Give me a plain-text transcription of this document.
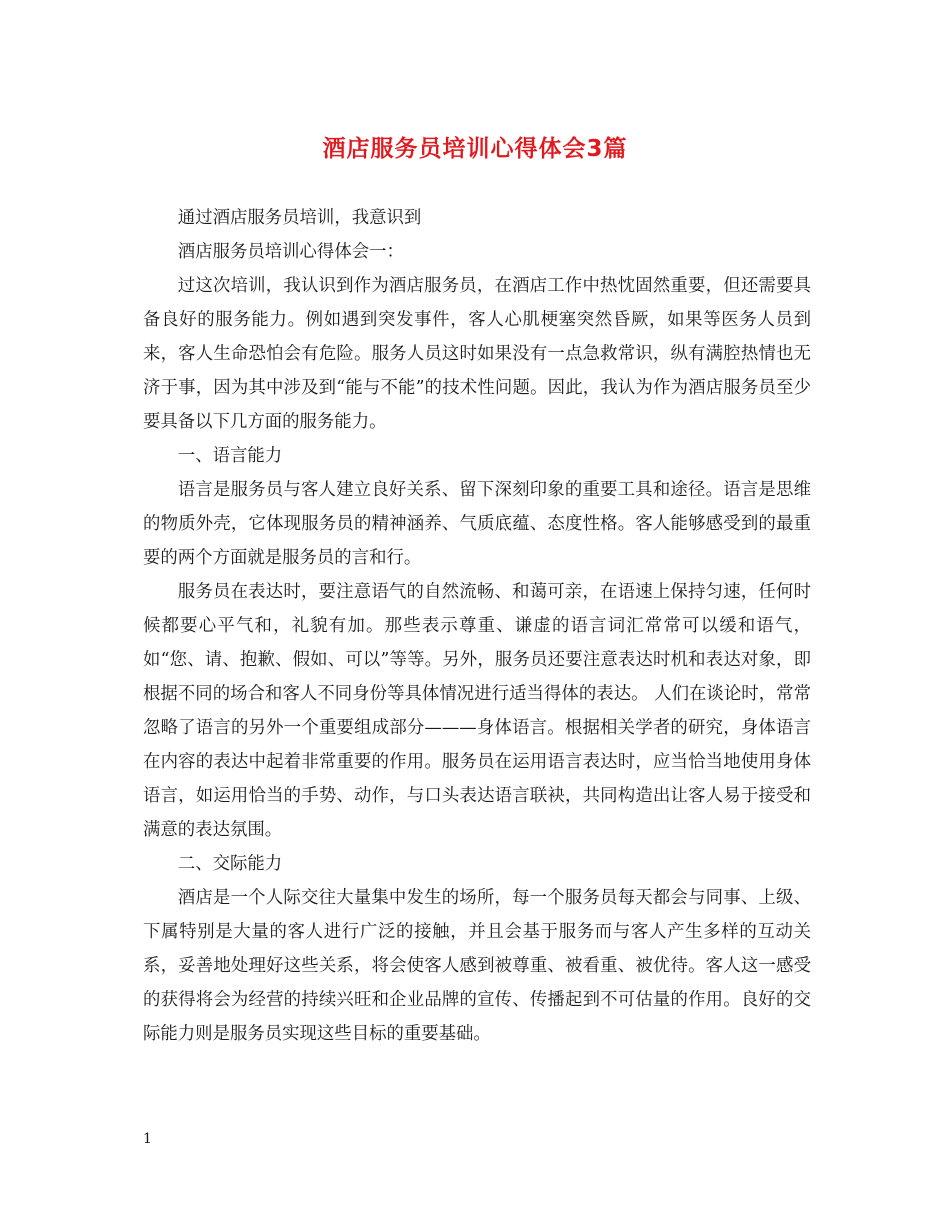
酒店服务员培训心得体会3篇

通过酒店服务员培训，我意识到

酒店服务员培训心得体会一：

过这次培训，我认识到作为酒店服务员，在酒店工作中热忱固然重要，但还需要具备良好的服务能力。例如遇到突发事件，客人心肌梗塞突然昏厥，如果等医务人员到来，客人生命恐怕会有危险。服务人员这时如果没有一点急救常识，纵有满腔热情也无济于事，因为其中涉及到“能与不能”的技术性问题。因此，我认为作为酒店服务员至少要具备以下几方面的服务能力。

一、语言能力

语言是服务员与客人建立良好关系、留下深刻印象的重要工具和途径。语言是思维的物质外壳，它体现服务员的精神涵养、气质底蕴、态度性格。客人能够感受到的最重要的两个方面就是服务员的言和行。

服务员在表达时，要注意语气的自然流畅、和蔼可亲，在语速上保持匀速，任何时候都要心平气和，礼貌有加。那些表示尊重、谦虚的语言词汇常常可以缓和语气，如“您、请、抱歉、假如、可以”等等。另外，服务员还要注意表达时机和表达对象，即根据不同的场合和客人不同身份等具体情况进行适当得体的表达。 人们在谈论时，常常忽略了语言的另外一个重要组成部分———身体语言。根据相关学者的研究，身体语言在内容的表达中起着非常重要的作用。服务员在运用语言表达时，应当恰当地使用身体语言，如运用恰当的手势、动作，与口头表达语言联袂，共同构造出让客人易于接受和满意的表达氛围。

二、交际能力

酒店是一个人际交往大量集中发生的场所，每一个服务员每天都会与同事、上级、下属特别是大量的客人进行广泛的接触，并且会基于服务而与客人产生多样的互动关系，妥善地处理好这些关系，将会使客人感到被尊重、被看重、被优待。客人这一感受的获得将会为经营的持续兴旺和企业品牌的宣传、传播起到不可估量的作用。良好的交际能力则是服务员实现这些目标的重要基础。

1
